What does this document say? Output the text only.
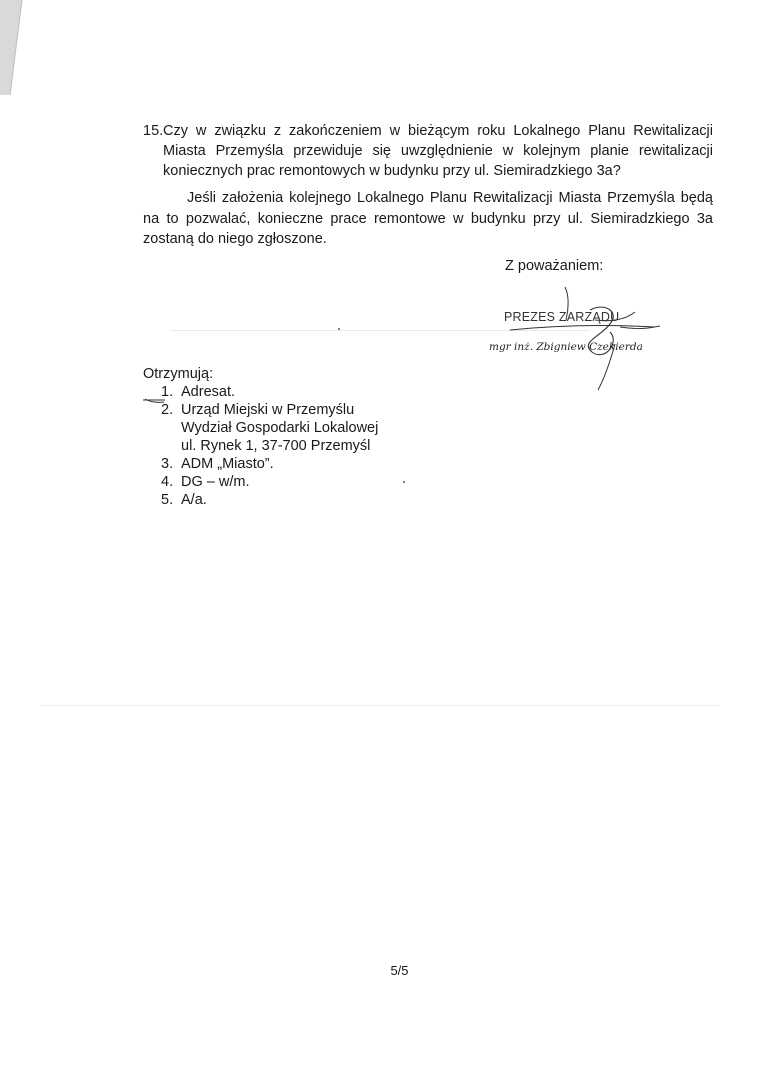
15. Czy w związku z zakończeniem w bieżącym roku Lokalnego Planu Rewitalizacji Miasta Przemyśla przewiduje się uwzględnienie w kolejnym planie rewitalizacji koniecznych prac remontowych w budynku przy ul. Siemiradzkiego 3a?
Jeśli założenia kolejnego Lokalnego Planu Rewitalizacji Miasta Przemyśla będą na to pozwalać, konieczne prace remontowe w budynku przy ul. Siemiradzkiego 3a zostaną do niego zgłoszone.
Z poważaniem:
PREZES ZARZĄDU
mgr inż. Zbigniew Czekierda
Otrzymują:
1. Adresat.
2. Urząd Miejski w Przemyślu
Wydział Gospodarki Lokalowej
ul. Rynek 1, 37-700 Przemyśl
3. ADM „Miasto”.
4. DG – w/m.
5. A/a.
5/5
